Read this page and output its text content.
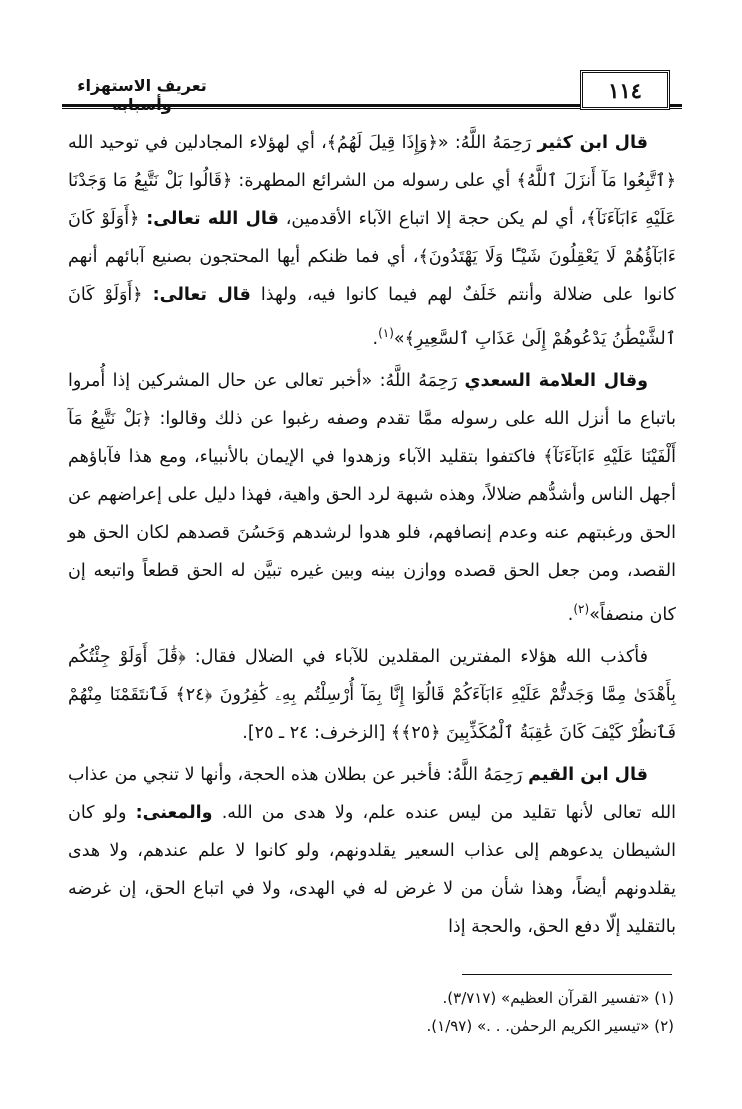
١١٤
تعريف الاستهزاء وأسبابه

قال ابن كثير رَحِمَهُ اللَّهُ: «﴿وَإِذَا قِيلَ لَهُمُ﴾، أي لهؤلاء المجادلين في توحيد الله ﴿ٱتَّبِعُوا مَآ أَنزَلَ ٱللَّهُ﴾ أي على رسوله من الشرائع المطهرة: ﴿قَالُوا بَلْ نَتَّبِعُ مَا وَجَدْنَا عَلَيْهِ ءَابَآءَنَآ﴾، أي لم يكن حجة إلا اتباع الآباء الأقدمين، قال الله تعالى: ﴿أَوَلَوْ كَانَ ءَابَآؤُهُمْ لَا يَعْقِلُونَ شَيْـًٔا وَلَا يَهْتَدُونَ﴾، أي فما ظنكم أيها المحتجون بصنيع آبائهم أنهم كانوا على ضلالة وأنتم خَلَفٌ لهم فيما كانوا فيه، ولهذا قال تعالى: ﴿أَوَلَوْ كَانَ ٱلشَّيْطَٰنُ يَدْعُوهُمْ إِلَىٰ عَذَابِ ٱلسَّعِيرِ﴾»$^{(١)}$.

وقال العلامة السعدي رَحِمَهُ اللَّهُ: «أخبر تعالى عن حال المشركين إذا أُمروا باتباع ما أنزل الله على رسوله ممَّا تقدم وصفه رغبوا عن ذلك وقالوا: ﴿بَلْ نَتَّبِعُ مَآ أَلْفَيْنَا عَلَيْهِ ءَابَآءَنَآ﴾ فاكتفوا بتقليد الآباء وزهدوا في الإيمان بالأنبياء، ومع هذا فآباؤهم أجهل الناس وأشدُّهم ضلالاً، وهذه شبهة لرد الحق واهية، فهذا دليل على إعراضهم عن الحق ورغبتهم عنه وعدم إنصافهم، فلو هدوا لرشدهم وَحَسُنَ قصدهم لكان الحق هو القصد، ومن جعل الحق قصده ووازن بينه وبين غيره تبيَّن له الحق قطعاً واتبعه إن كان منصفاً»$^{(٢)}$.

فأكذب الله هؤلاء المفترين المقلدين للآباء في الضلال فقال: ﴿قَٰلَ أَوَلَوْ جِئْتُكُم بِأَهْدَىٰ مِمَّا وَجَدتُّمْ عَلَيْهِ ءَابَآءَكُمْ قَالُوٓا إِنَّا بِمَآ أُرْسِلْتُم بِهِۦ كَٰفِرُونَ ﴿٢٤﴾ فَٱنتَقَمْنَا مِنْهُمْ فَٱنظُرْ كَيْفَ كَانَ عَٰقِبَةُ ٱلْمُكَذِّبِينَ ﴿٢٥﴾﴾ [الزخرف: ٢٤ ـ ٢٥].

قال ابن القيم رَحِمَهُ اللَّهُ: فأخبر عن بطلان هذه الحجة، وأنها لا تنجي من عذاب الله تعالى لأنها تقليد من ليس عنده علم، ولا هدى من الله. والمعنى: ولو كان الشيطان يدعوهم إلى عذاب السعير يقلدونهم، ولو كانوا لا علم عندهم، ولا هدى يقلدونهم أيضاً، وهذا شأن من لا غرض له في الهدى، ولا في اتباع الحق، إن غرضه بالتقليد إلّا دفع الحق، والحجة إذا

(١) «تفسير القرآن العظيم» (٣/٧١٧).

(٢) «تيسير الكريم الرحمٰن. . .» (١/٩٧).
